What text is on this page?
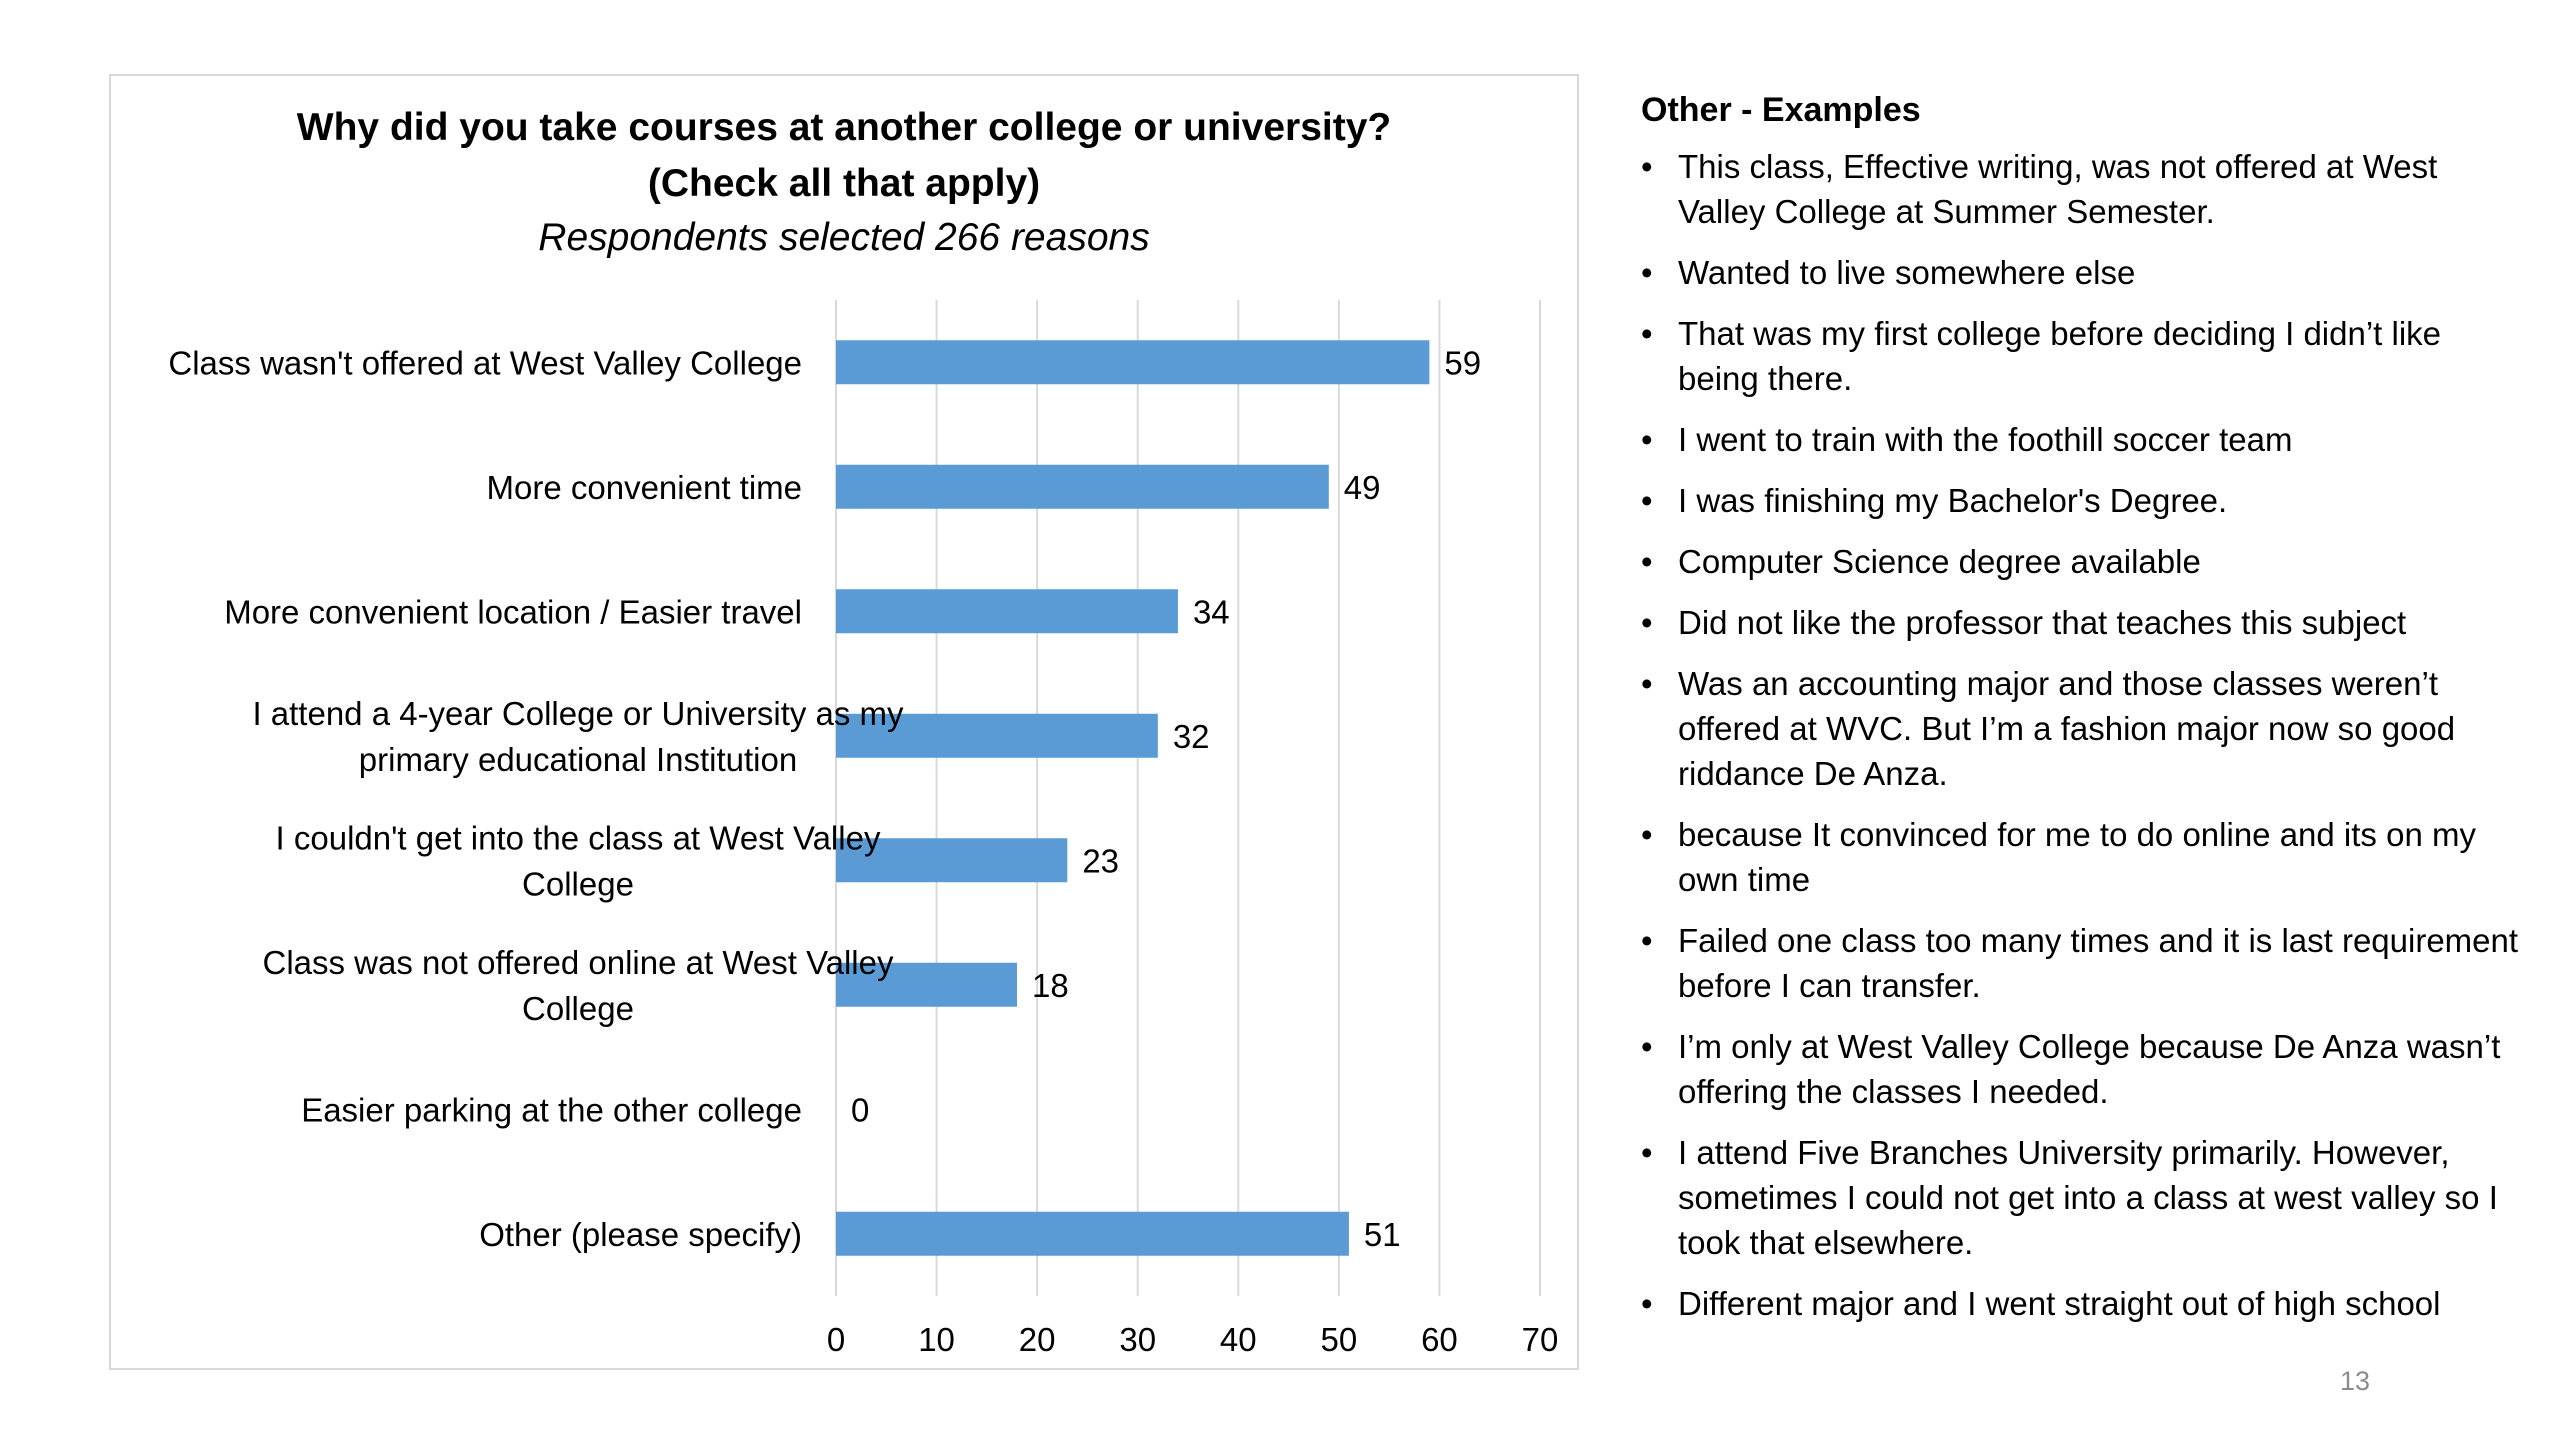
Why did you take courses at another college or university?
(Check all that apply)
Respondents selected 266 reasons
59
Class wasn't offered at West Valley College
49
More convenient time
34
More convenient location / Easier travel
32
I attend a 4-year College or University as my primary educational Institution
23
I couldn't get into the class at West Valley College
18
Class was not offered online at West Valley College
0
Easier parking at the other college
51
Other (please specify)
0 10 20 30 40 50 60 70
Other - Examples
• This class, Effective writing, was not offered at West Valley College at Summer Semester.
• Wanted to live somewhere else
• That was my first college before deciding I didn’t like being there.
• I went to train with the foothill soccer team
• I was finishing my Bachelor's Degree.
• Computer Science degree available
• Did not like the professor that teaches this subject
• Was an accounting major and those classes weren’t offered at WVC. But I’m a fashion major now so good riddance De Anza.
• because It convinced for me to do online and its on my own time
• Failed one class too many times and it is last requirement before I can transfer.
• I’m only at West Valley College because De Anza wasn’t offering the classes I needed.
• I attend Five Branches University primarily. However, sometimes I could not get into a class at west valley so I took that elsewhere.
• Different major and I went straight out of high school
13
